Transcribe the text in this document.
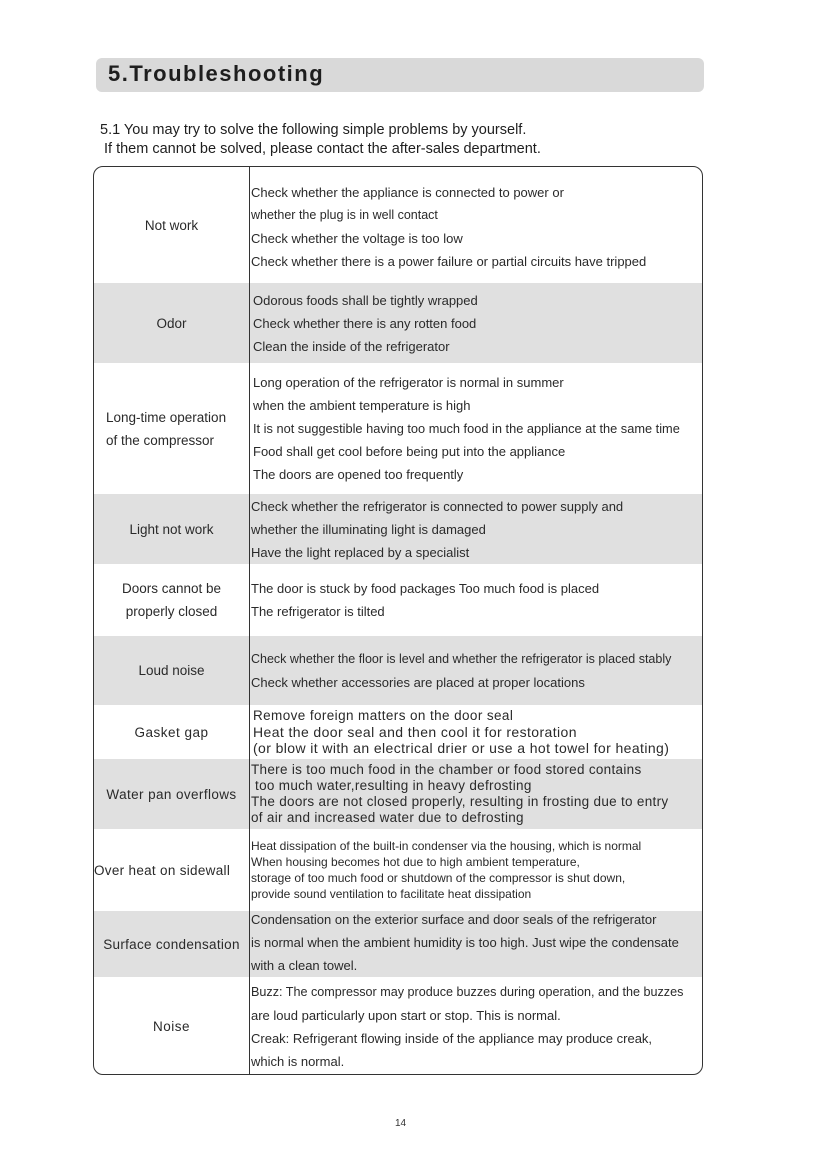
5.Troubleshooting
5.1 You may try to solve the following simple problems by yourself.
If them cannot be solved, please contact the after-sales department.
Not work
Check whether the appliance is connected to power or
whether the plug is in well contact
Check whether the voltage is too low
Check whether there is a power failure or partial circuits have tripped
Odor
Odorous foods shall be tightly wrapped
Check whether there is any rotten food
Clean the inside of the refrigerator
Long-time operation
of the compressor
Long operation of the refrigerator is normal in summer
when the ambient temperature is high
It is not suggestible having too much food in the appliance at the same time
Food shall get cool before being put into the appliance
The doors are opened too frequently
Light not work
Check whether the refrigerator is connected to power supply and
whether the illuminating light is damaged
Have the light replaced by a specialist
Doors cannot be
properly closed
The door is stuck by food packages Too much food is placed
The refrigerator is tilted
Loud noise
Check whether the floor is level and whether the refrigerator is placed stably
Check whether accessories are placed at proper locations
Gasket gap
Remove foreign matters on the door seal
Heat the door seal and then cool it for restoration
(or blow it with an electrical drier or use a hot towel for heating)
Water pan overflows
There is too much food in the chamber or food stored contains
too much water,resulting in heavy defrosting
The doors are not closed properly, resulting in frosting due to entry
of air and increased water due to defrosting
Over heat on sidewall
Heat dissipation of the built-in condenser via the housing, which is normal
When housing becomes hot due to high ambient temperature,
storage of too much food or shutdown of the compressor is shut down,
provide sound ventilation to facilitate heat dissipation
Surface condensation
Condensation on the exterior surface and door seals of the refrigerator
is normal when the ambient humidity is too high. Just wipe the condensate
with a clean towel.
Noise
Buzz: The compressor may produce buzzes during operation, and the buzzes
are loud particularly upon start or stop. This is normal.
Creak: Refrigerant flowing inside of the appliance may produce creak,
which is normal.
14
